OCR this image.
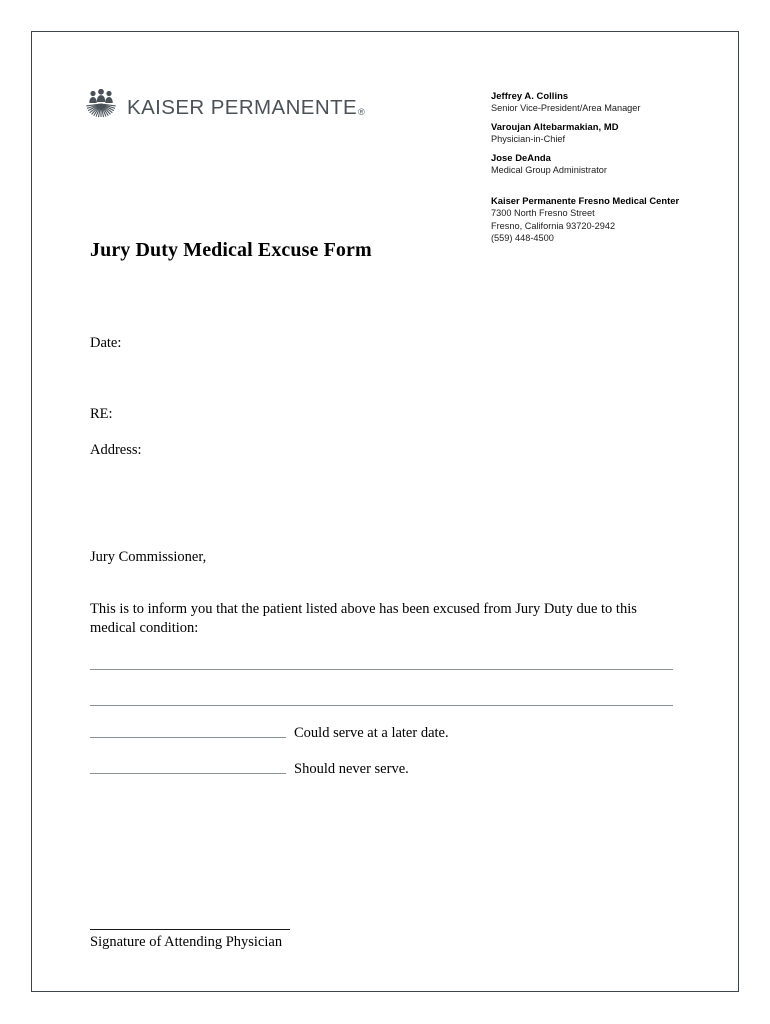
KAISER PERMANENTE®
Jeffrey A. Collins
Senior Vice-President/Area Manager
Varoujan Altebarmakian, MD
Physician-in-Chief
Jose DeAnda
Medical Group Administrator
Kaiser Permanente Fresno Medical Center
7300 North Fresno Street
Fresno, California 93720-2942
(559) 448-4500
Jury Duty Medical Excuse Form
Date:
RE:
Address:
Jury Commissioner,
This is to inform you that the patient listed above has been excused from Jury Duty due to this medical condition:
Could serve at a later date.
Should never serve.
Signature of Attending Physician
